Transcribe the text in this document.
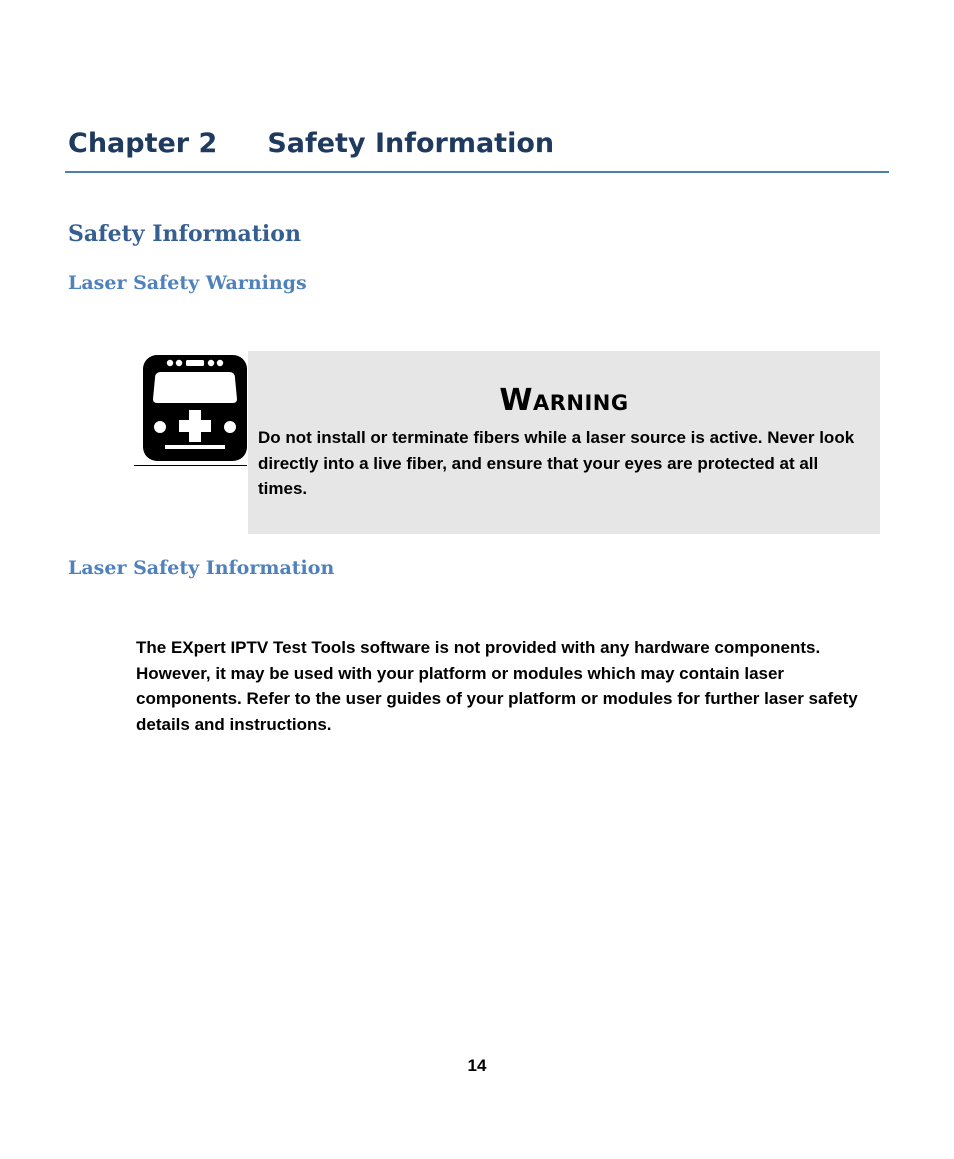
Chapter 2 Safety Information
Safety Information
Laser Safety Warnings
Warning

Do not install or terminate fibers while a laser source is active. Never look directly into a live fiber, and ensure that your eyes are protected at all times.

Laser Safety Information

The EXpert IPTV Test Tools software is not provided with any hardware components. However, it may be used with your platform or modules which may contain laser components. Refer to the user guides of your platform or modules for further laser safety details and instructions.

14
